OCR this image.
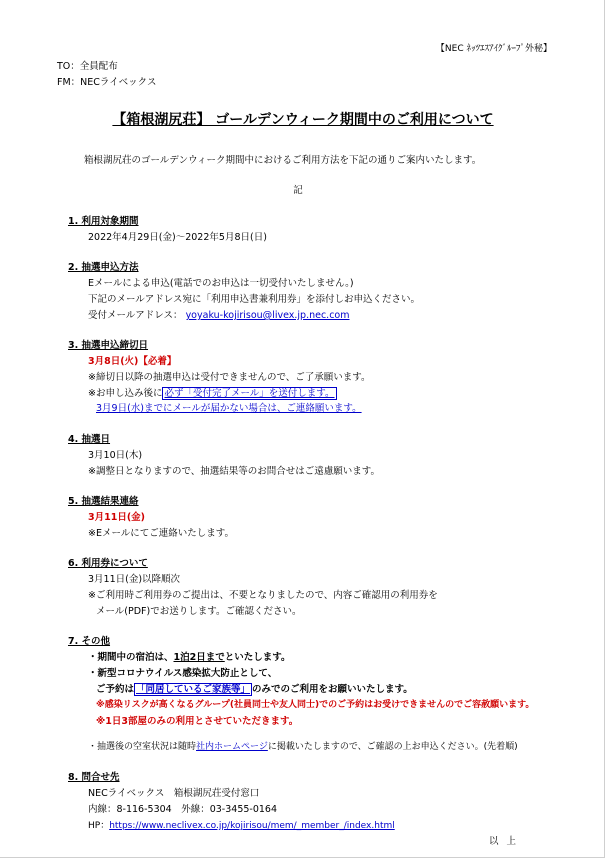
【NEC ﾈｯﾂｴｽｱｲｸﾞﾙｰﾌﾟ外秘】
TO：全員配布
FM：NECライベックス
【箱根湖尻荘】 ゴールデンウィーク期間中のご利用について
箱根湖尻荘のゴールデンウィーク期間中におけるご利用方法を下記の通りご案内いたします。
記
1. 利用対象期間
2022年4月29日(金)～2022年5月8日(日)
2. 抽選申込方法
Eメールによる申込(電話でのお申込は一切受付いたしません。)
下記のメールアドレス宛に「利用申込書兼利用券」を添付しお申込ください。
受付メールアドレス： yoyaku-kojirisou@livex.jp.nec.com
3. 抽選申込締切日
3月8日(火)【必着】
※締切日以降の抽選申込は受付できませんので、ご了承願います。
※お申し込み後に 必ず「受付完了メール」を送付します。
3月9日(水)までにメールが届かない場合は、ご連絡願います。
4. 抽選日
3月10日(木)
※調整日となりますので、抽選結果等のお問合せはご遠慮願います。
5. 抽選結果連絡
3月11日(金)
※Eメールにてご連絡いたします。
6. 利用券について
3月11日(金)以降順次
※ご利用時ご利用券のご提出は、不要となりましたので、内容ご確認用の利用券を
メール(PDF)でお送りします。ご確認ください。
7. その他
・期間中の宿泊は、1泊2日までといたします。
・新型コロナウイルス感染拡大防止として、
ご予約は 「同居しているご家族等」 のみでのご利用をお願いいたします。
※感染リスクが高くなるグループ(社員同士や友人同士)でのご予約はお受けできませんのでご容赦願います。
※1日3部屋のみの利用とさせていただきます。
・抽選後の空室状況は随時社内ホームページに掲載いたしますので、ご確認の上お申込ください。(先着順)
8. 問合せ先
NECライベックス　箱根湖尻荘受付窓口
内線：8-116-5304　外線：03-3455-0164
HP：https://www.neclivex.co.jp/kojirisou/mem/_member_/index.html
以上
